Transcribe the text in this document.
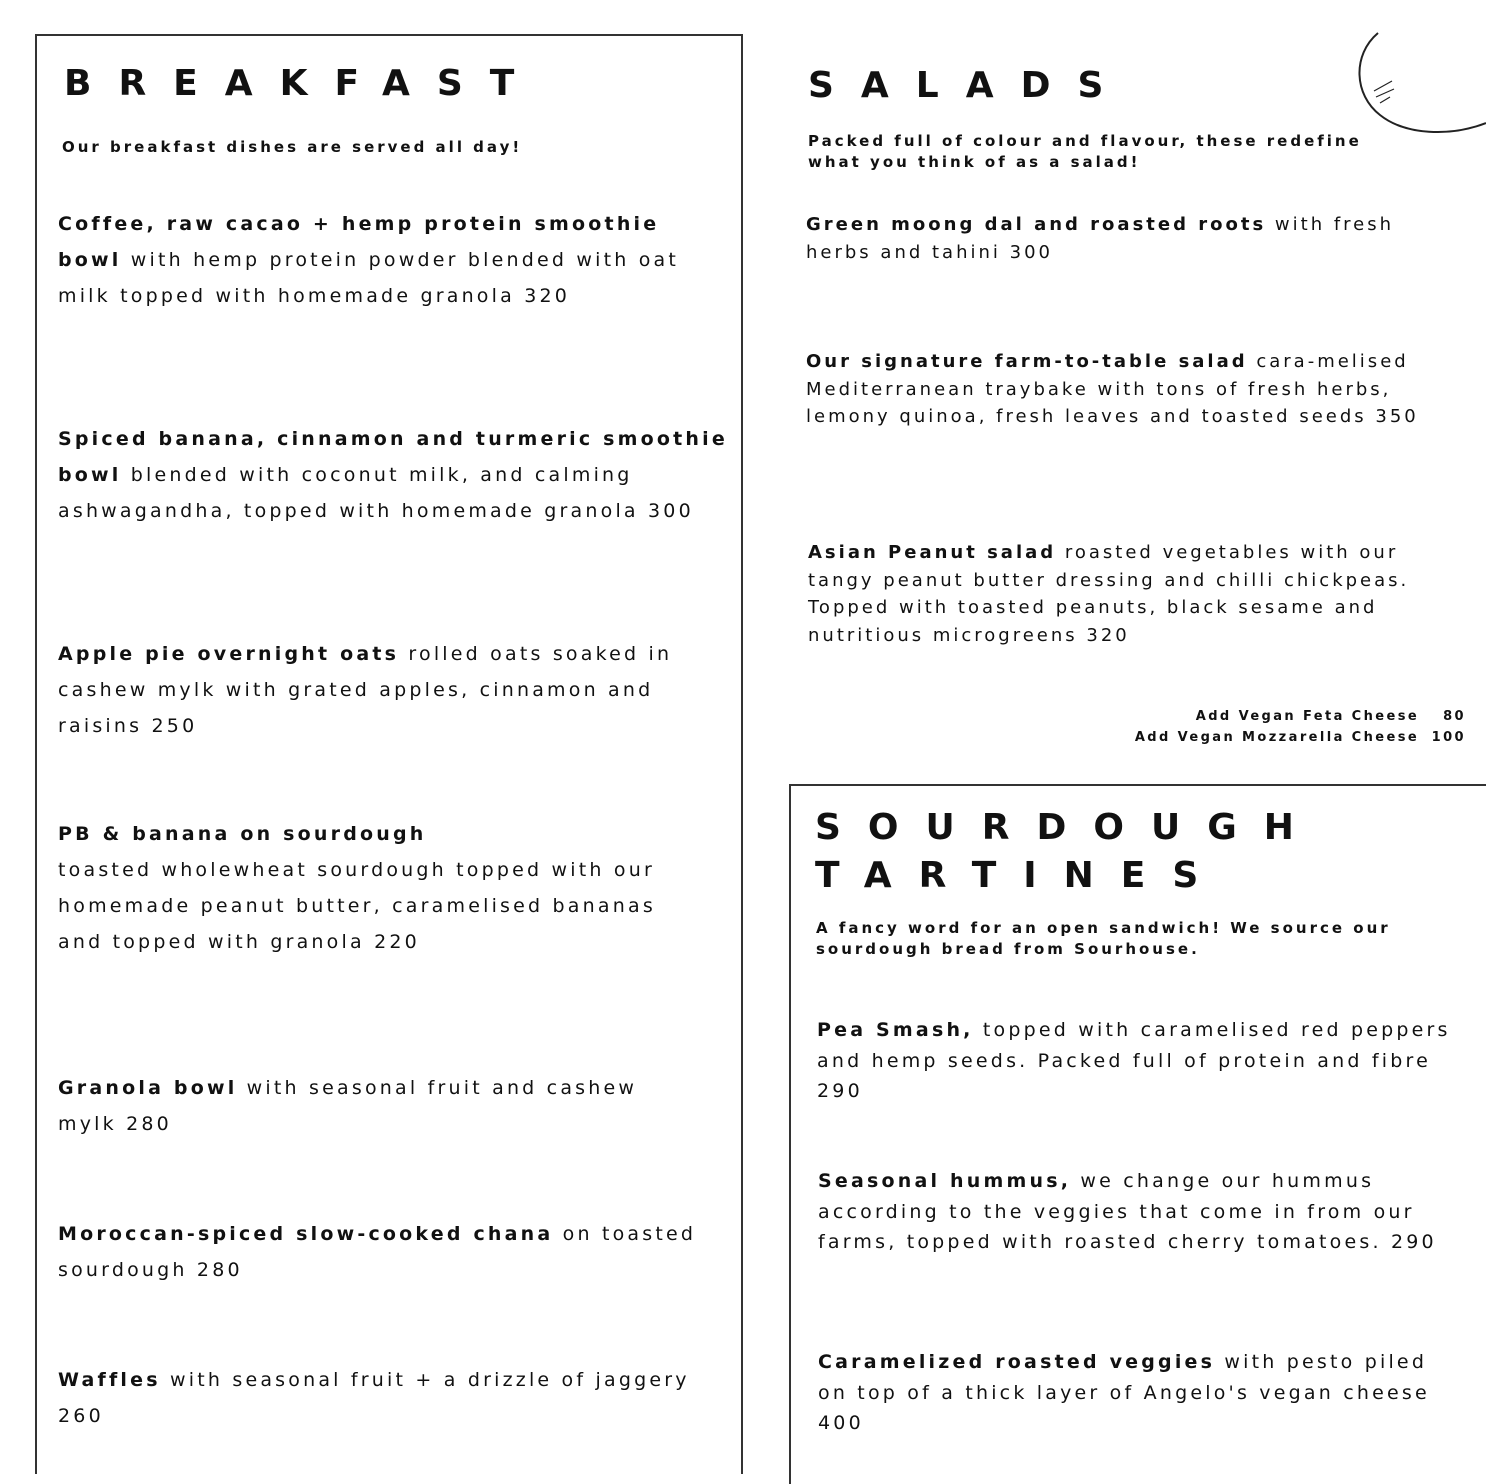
BREAKFAST

Our breakfast dishes are served all day!

Coffee, raw cacao + hemp protein smoothie bowl with hemp protein powder blended with oat milk topped with homemade granola 320

Spiced banana, cinnamon and turmeric smoothie bowl blended with coconut milk, and calming ashwagandha, topped with homemade granola 300

Apple pie overnight oats rolled oats soaked in cashew mylk with grated apples, cinnamon and raisins 250

PB & banana on sourdough
toasted wholewheat sourdough topped with our homemade peanut butter, caramelised bananas and topped with granola 220

Granola bowl with seasonal fruit and cashew mylk 280

Moroccan-spiced slow-cooked chana on toasted sourdough 280

Waffles with seasonal fruit + a drizzle of jaggery 260

SALADS

Packed full of colour and flavour, these redefine what you think of as a salad!

Green moong dal and roasted roots with fresh herbs and tahini 300

Our signature farm-to-table salad cara-melised Mediterranean traybake with tons of fresh herbs, lemony quinoa, fresh leaves and toasted seeds 350

Asian Peanut salad roasted vegetables with our tangy peanut butter dressing and chilli chickpeas. Topped with toasted peanuts, black sesame and nutritious microgreens 320

Add Vegan Feta Cheese 80
Add Vegan Mozzarella Cheese 100
SOURDOUGH
TARTINES

A fancy word for an open sandwich! We source our sourdough bread from Sourhouse.

Pea Smash, topped with caramelised red peppers and hemp seeds. Packed full of protein and fibre 290

Seasonal hummus, we change our hummus according to the veggies that come in from our farms, topped with roasted cherry tomatoes. 290

Caramelized roasted veggies with pesto piled on top of a thick layer of Angelo's vegan cheese 400
